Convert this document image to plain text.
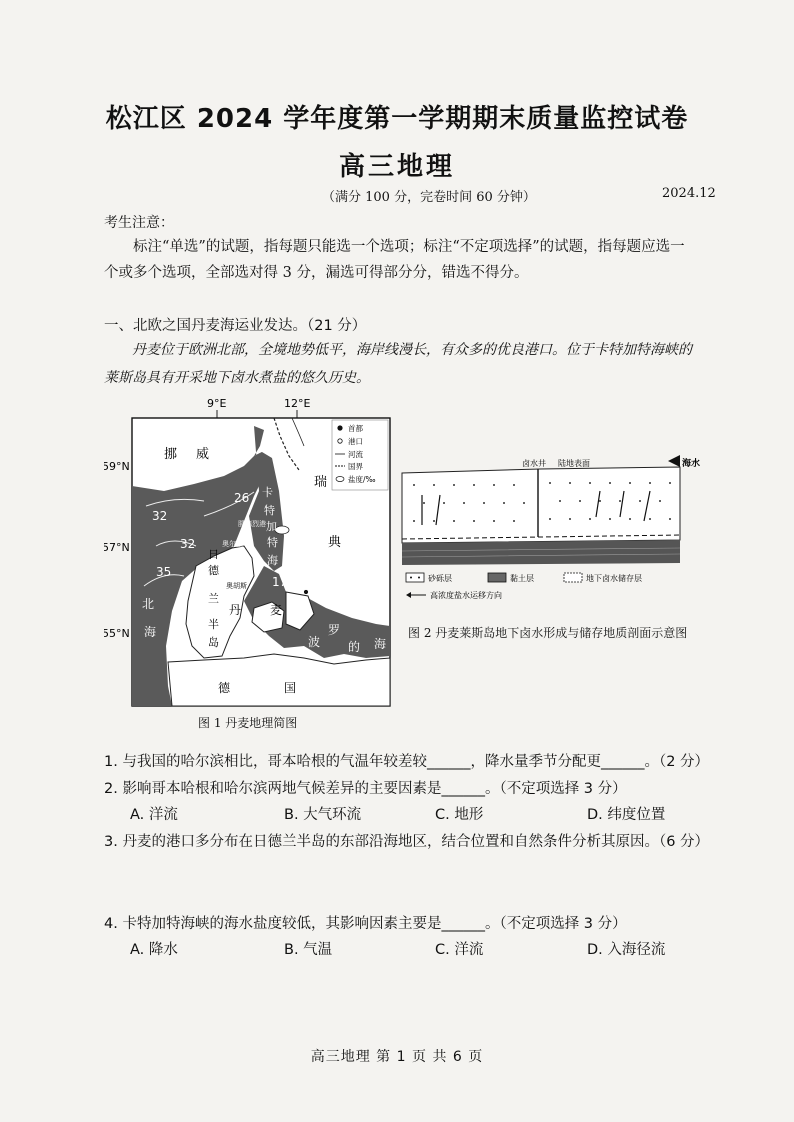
松江区 2024 学年度第一学期期末质量监控试卷
高三地理
（满分 100 分，完卷时间 60 分钟）	2024.12
考生注意：
标注“单选”的试题，指每题只能选一个选项；标注“不定项选择”的试题，指每题应选一个或多个选项，全部选对得 3 分，漏选可得部分分，错选不得分。
一、北欧之国丹麦海运业发达。（21 分）
丹麦位于欧洲北部，全境地势低平，海岸线漫长，有众多的优良港口。位于卡特加特海峡的莱斯岛具有开采地下卤水煮盐的悠久历史。
9°E	12°E
59°N
57°N
55°N
首都
港口
河流
国界
盐度/‰
挪 威
瑞
典
卡
特
加
特
海
峡
日
德
兰
半
岛
丹 麦
北
海
波
罗
的 海
德	国
腓德烈港
奥尔堡
奥胡斯
哥本哈根
32
26
32
35
17
图 1 丹麦地理简图
卤水井 陆地表面	海水
砂砾层	黏土层	地下卤水储存层
高浓度盐水运移方向
图 2 丹麦莱斯岛地下卤水形成与储存地质剖面示意图
1. 与我国的哈尔滨相比，哥本哈根的气温年较差较______，降水量季节分配更______。（2 分）
2. 影响哥本哈根和哈尔滨两地气候差异的主要因素是______。（不定项选择 3 分）
A. 洋流	B. 大气环流	C. 地形	D. 纬度位置
3. 丹麦的港口多分布在日德兰半岛的东部沿海地区，结合位置和自然条件分析其原因。（6 分）
4. 卡特加特海峡的海水盐度较低，其影响因素主要是______。（不定项选择 3 分）
A. 降水	B. 气温	C. 洋流	D. 入海径流
高三地理 第 1 页 共 6 页
